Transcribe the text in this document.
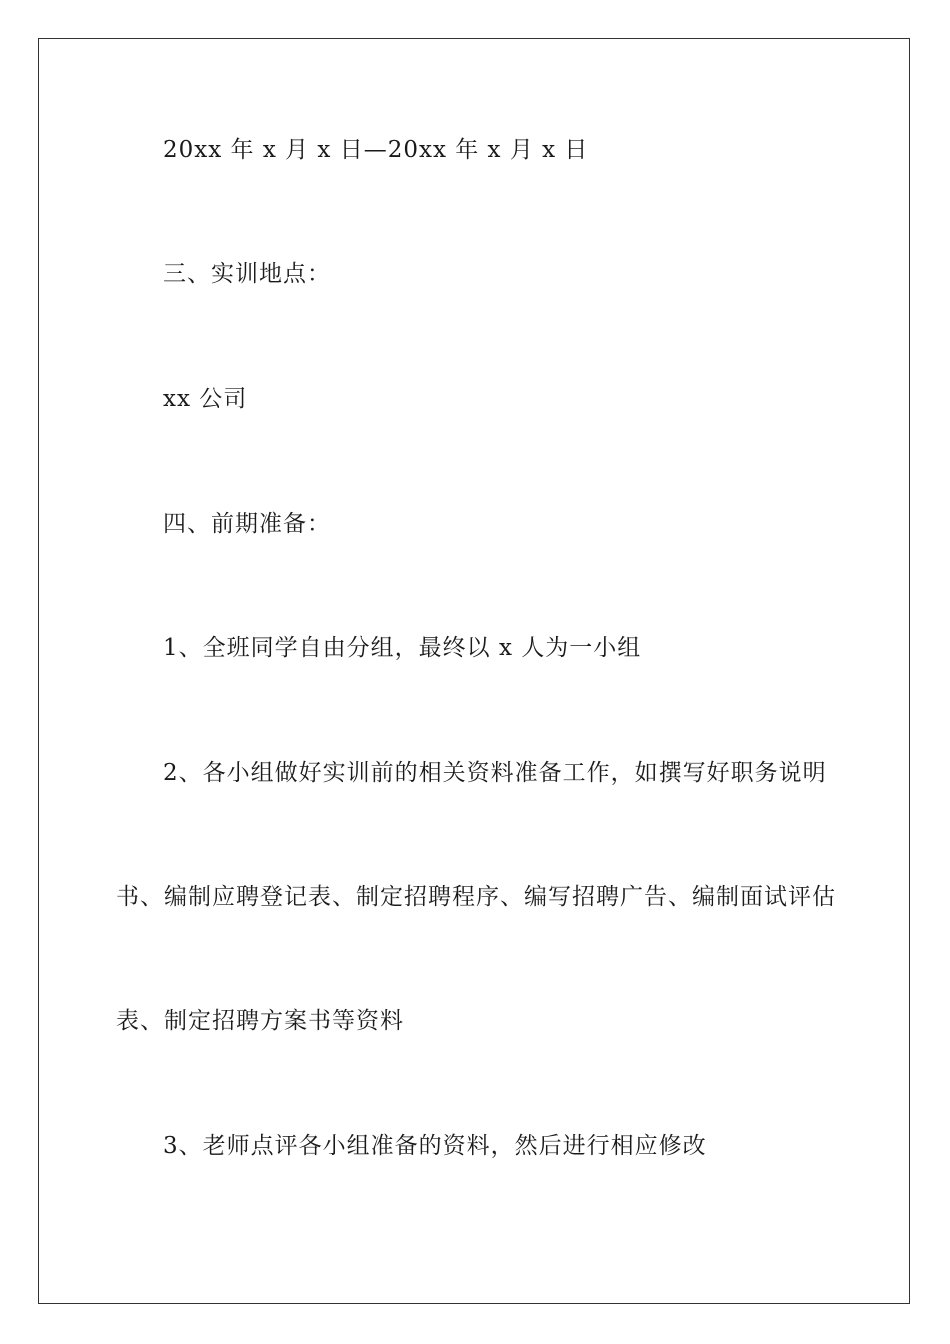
20xx 年 x 月 x 日—20xx 年 x 月 x 日
三、实训地点：
xx 公司
四、前期准备：
1、全班同学自由分组，最终以 x 人为一小组
2、各小组做好实训前的相关资料准备工作，如撰写好职务说明
书、编制应聘登记表、制定招聘程序、编写招聘广告、编制面试评估
表、制定招聘方案书等资料
3、老师点评各小组准备的资料，然后进行相应修改
